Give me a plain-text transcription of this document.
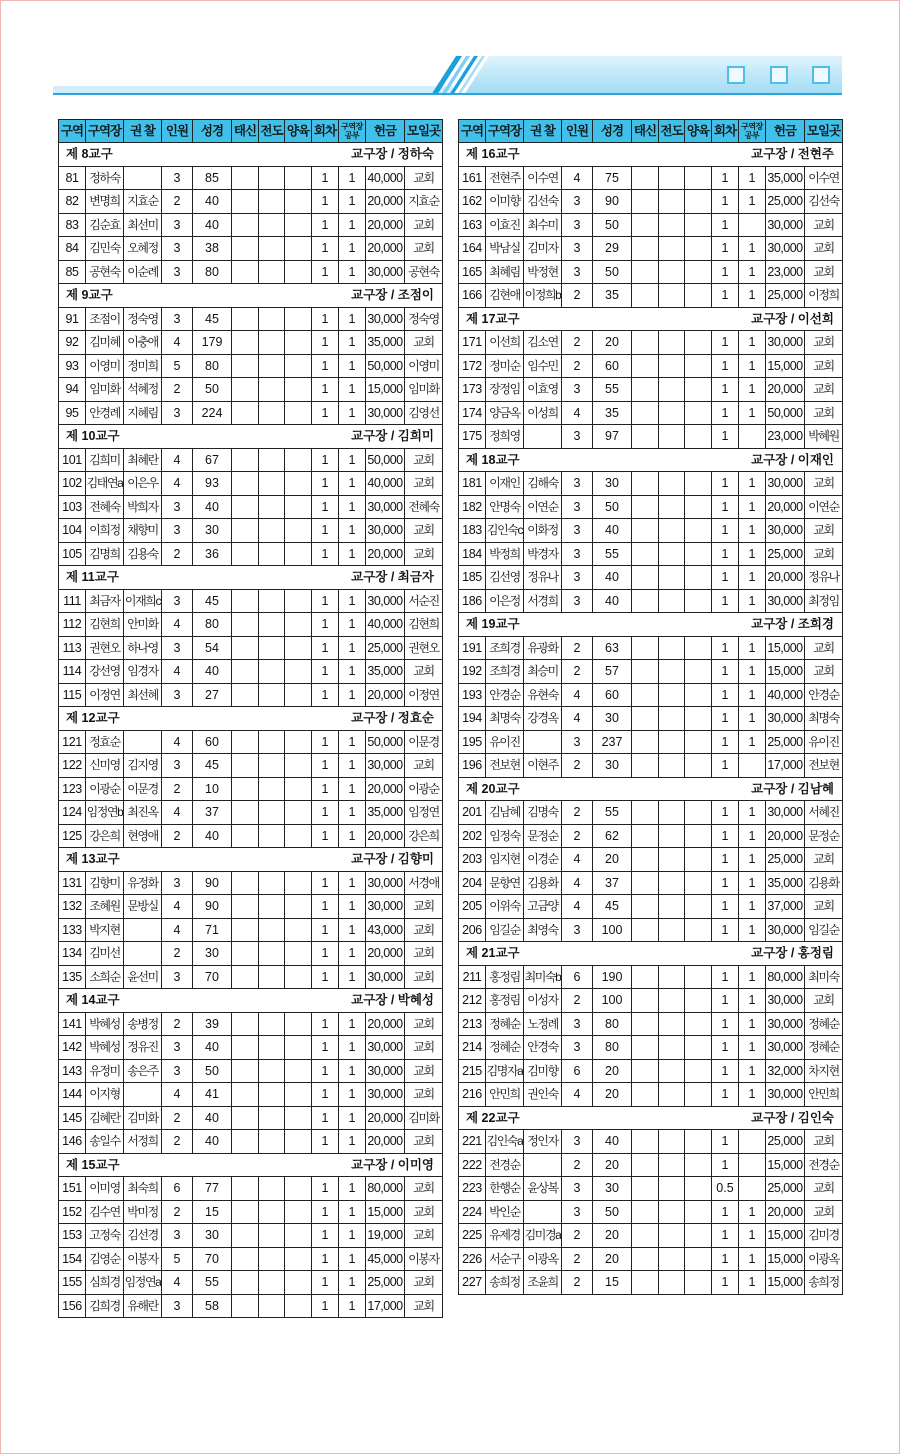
구역	구역장	권 찰	인원	성경	태신	전도	양육	회차	구역장
공부	헌금	모일곳

제 8교구 교구장 / 정하숙											

81	정하숙		3	85				1	1	40,000	교회
82	변명희	지효순	2	40				1	1	20,000	지효순
83	김순효	최선미	3	40				1	1	20,000	교회
84	김민숙	오혜정	3	38				1	1	20,000	교회
85	공현숙	이순례	3	80				1	1	30,000	공현숙

제 9교구 교구장 / 조점이											

91	조점이	정숙영	3	45				1	1	30,000	정숙영
92	김미혜	이충애	4	179				1	1	35,000	교회
93	이영미	정미희	5	80				1	1	50,000	이영미
94	임미화	석혜정	2	50				1	1	15,000	임미화
95	안경례	지혜림	3	224				1	1	30,000	김영선

제 10교구 교구장 / 김희미											

101	김희미	최혜란	4	67				1	1	50,000	교회
102	김태연a	이은우	4	93				1	1	40,000	교회
103	전혜숙	박희자	3	40				1	1	30,000	전혜숙
104	이희정	채향미	3	30				1	1	30,000	교회
105	김명희	김용숙	2	36				1	1	20,000	교회

제 11교구 교구장 / 최금자											

111	최금자	이재희c	3	45				1	1	30,000	서순진
112	김현희	안미화	4	80				1	1	40,000	김현희
113	권현오	하나영	3	54				1	1	25,000	권현오
114	강선영	임경자	4	40				1	1	35,000	교회
115	이정연	최선혜	3	27				1	1	20,000	이정연

제 12교구 교구장 / 정효순											

121	정효순		4	60				1	1	50,000	이문경
122	신미영	김지영	3	45				1	1	30,000	교회
123	이광순	이문경	2	10				1	1	20,000	이광순
124	임정연b	최진옥	4	37				1	1	35,000	임정연
125	강은희	현영애	2	40				1	1	20,000	강은희

제 13교구 교구장 / 김향미											

131	김향미	유정화	3	90				1	1	30,000	서경애
132	조혜원	문방실	4	90				1	1	30,000	교회
133	박지현		4	71				1	1	43,000	교회
134	김미선		2	30				1	1	20,000	교회
135	소희순	윤선미	3	70				1	1	30,000	교회

제 14교구 교구장 / 박혜성											

141	박혜성	송병정	2	39				1	1	20,000	교회
142	박혜성	정유진	3	40				1	1	30,000	교회
143	유정미	송은주	3	50				1	1	30,000	교회
144	이지형		4	41				1	1	30,000	교회
145	김혜란	김미화	2	40				1	1	20,000	김미화
146	송일수	서정희	2	40				1	1	20,000	교회

제 15교구 교구장 / 이미영											

151	이미영	최숙희	6	77				1	1	80,000	교회
152	김수연	박미정	2	15				1	1	15,000	교회
153	고정숙	김선경	3	30				1	1	19,000	교회
154	김영순	이봉자	5	70				1	1	45,000	이봉자
155	심희경	임정연a	4	55				1	1	25,000	교회
156	김희경	유해란	3	58				1	1	17,000	교회
구역	구역장	권 찰	인원	성경	태신	전도	양육	회차	구역장
공부	헌금	모일곳

제 16교구 교구장 / 전현주											

161	전현주	이수연	4	75				1	1	35,000	이수연
162	이미향	김선숙	3	90				1	1	25,000	김선숙
163	이효진	최수미	3	50				1		30,000	교회
164	박남실	김미자	3	29				1	1	30,000	교회
165	최혜림	박정현	3	50				1	1	23,000	교회
166	김현애	이정희b	2	35				1	1	25,000	이정희

제 17교구 교구장 / 이선희											

171	이선희	김소연	2	20				1	1	30,000	교회
172	정미순	임수민	2	60				1	1	15,000	교회
173	장정임	이효영	3	55				1	1	20,000	교회
174	양금옥	이성희	4	35				1	1	50,000	교회
175	정희영		3	97				1		23,000	박혜원

제 18교구 교구장 / 이재인											

181	이재인	김해숙	3	30				1	1	30,000	교회
182	안명숙	이연순	3	50				1	1	20,000	이연순
183	김인숙c	이화정	3	40				1	1	30,000	교회
184	박정희	박경자	3	55				1	1	25,000	교회
185	김선영	정유나	3	40				1	1	20,000	정유나
186	이은정	서경희	3	40				1	1	30,000	최정임

제 19교구 교구장 / 조희경											

191	조희경	유광화	2	63				1	1	15,000	교회
192	조희경	최승미	2	57				1	1	15,000	교회
193	안경순	유현숙	4	60				1	1	40,000	안경순
194	최명숙	강경옥	4	30				1	1	30,000	최명숙
195	유이진		3	237				1	1	25,000	유이진
196	전보현	이현주	2	30				1		17,000	전보현

제 20교구 교구장 / 김남혜											

201	김남혜	김명숙	2	55				1	1	30,000	서혜진
202	임정숙	문정순	2	62				1	1	20,000	문정순
203	임지현	이경순	4	20				1	1	25,000	교회
204	문향연	김용화	4	37				1	1	35,000	김용화
205	이위숙	고금양	4	45				1	1	37,000	교회
206	임길순	최영숙	3	100				1	1	30,000	임길순

제 21교구 교구장 / 홍정림											

211	홍정림	최미숙b	6	190				1	1	80,000	최미숙
212	홍정림	이성자	2	100				1	1	30,000	교회
213	정혜순	노정례	3	80				1	1	30,000	정혜순
214	정혜순	안경숙	3	80				1	1	30,000	정혜순
215	김명자a	김미향	6	20				1	1	32,000	차지현
216	안민희	권인숙	4	20				1	1	30,000	안민희

제 22교구 교구장 / 김인숙											

221	김인숙a	정인자	3	40				1		25,000	교회
222	전경순		2	20				1		15,000	전경순
223	한행순	윤상복	3	30				0.5		25,000	교회
224	박인순		3	50				1	1	20,000	교회
225	유제경	김미경a	2	20				1	1	15,000	김미경
226	서순구	이광옥	2	20				1	1	15,000	이광옥
227	송희정	조윤희	2	15				1	1	15,000	송희정
